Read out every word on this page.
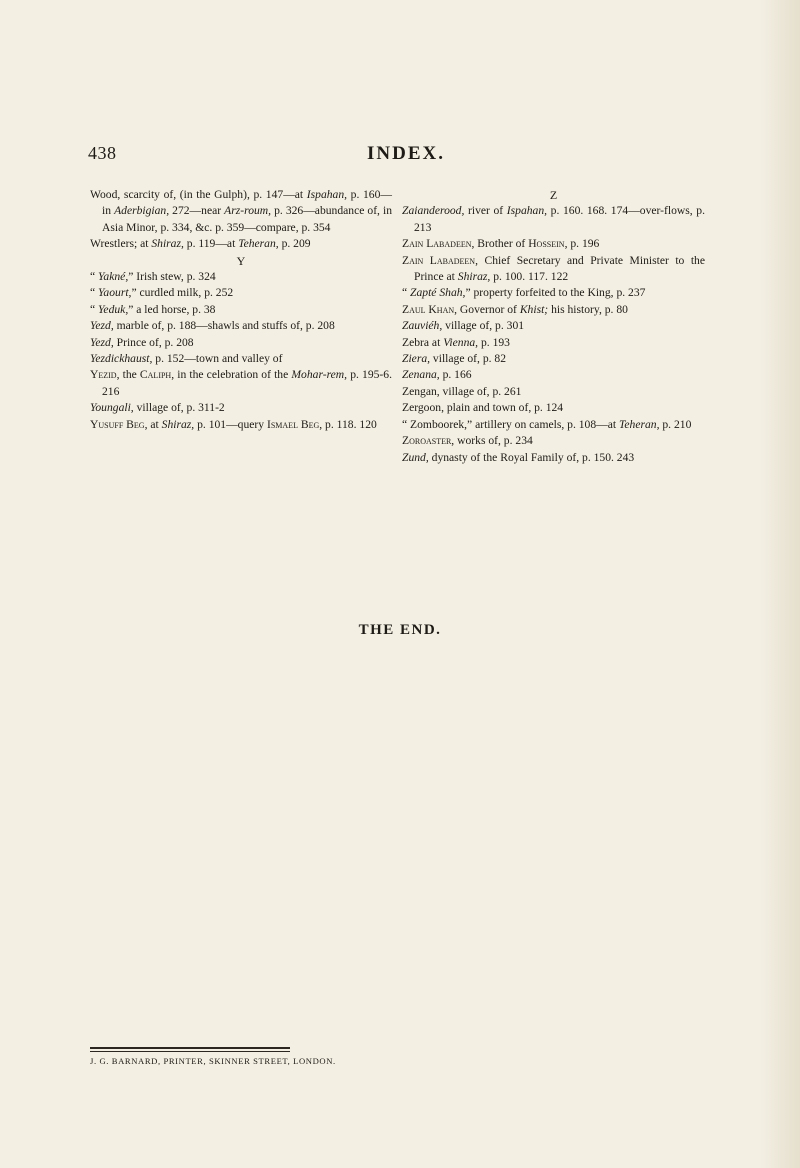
438	INDEX.

Wood, scarcity of, (in the Gulph), p. 147—at Ispahan, p. 160—in Aderbigian, 272—near Arz-roum, p. 326—abundance of, in Asia Minor, p. 334, &c. p. 359—compare, p. 354

Wrestlers; at Shiraz, p. 119—at Teheran, p. 209

Y

“ Yakné,” Irish stew, p. 324

“ Yaourt,” curdled milk, p. 252

“ Yeduk,” a led horse, p. 38

Yezd, marble of, p. 188—shawls and stuffs of, p. 208

Yezd, Prince of, p. 208

Yezdickhaust, p. 152—town and valley of

Yezid, the Caliph, in the celebration of the Mohar-rem, p. 195-6. 216

Youngali, village of, p. 311-2

Yusuff Beg, at Shiraz, p. 101—query Ismael Beg, p. 118. 120

Z

Zaianderood, river of Ispahan, p. 160. 168. 174—over-flows, p. 213

Zain Labadeen, Brother of Hossein, p. 196

Zain Labadeen, Chief Secretary and Private Minister to the Prince at Shiraz, p. 100. 117. 122

“ Zapté Shah,” property forfeited to the King, p. 237

Zaul Khan, Governor of Khist; his history, p. 80

Zauviéh, village of, p. 301

Zebra at Vienna, p. 193

Ziera, village of, p. 82

Zenana, p. 166

Zengan, village of, p. 261

Zergoon, plain and town of, p. 124

“ Zomboorek,” artillery on camels, p. 108—at Teheran, p. 210

Zoroaster, works of, p. 234

Zund, dynasty of the Royal Family of, p. 150. 243

THE END.
J. G. BARNARD, PRINTER, SKINNER STREET, LONDON.
